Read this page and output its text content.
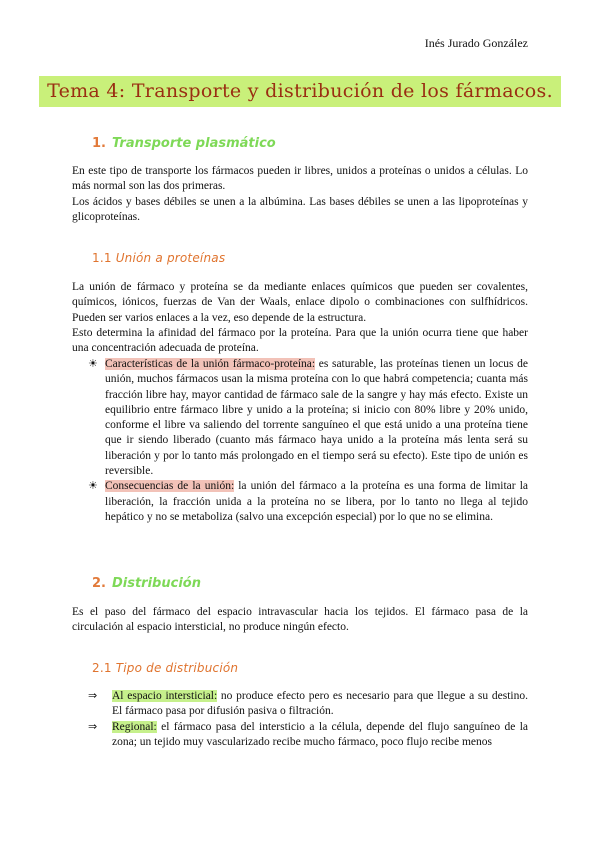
Inés Jurado González
Tema 4: Transporte y distribución de los fármacos.
1. Transporte plasmático

En este tipo de transporte los fármacos pueden ir libres, unidos a proteínas o unidos a células. Lo más normal son las dos primeras.

Los ácidos y bases débiles se unen a la albúmina. Las bases débiles se unen a las lipoproteínas y glicoproteínas.

1.1 Unión a proteínas

La unión de fármaco y proteína se da mediante enlaces químicos que pueden ser covalentes, químicos, iónicos, fuerzas de Van der Waals, enlace dipolo o combinaciones con sulfhídricos. Pueden ser varios enlaces a la vez, eso depende de la estructura.

Esto determina la afinidad del fármaco por la proteína. Para que la unión ocurra tiene que haber una concentración adecuada de proteína.

☀ Características de la unión fármaco-proteína: es saturable, las proteínas tienen un locus de unión, muchos fármacos usan la misma proteína con lo que habrá competencia; cuanta más fracción libre hay, mayor cantidad de fármaco sale de la sangre y hay más efecto. Existe un equilibrio entre fármaco libre y unido a la proteína; si inicio con 80% libre y 20% unido, conforme el libre va saliendo del torrente sanguíneo el que está unido a una proteína tiene que ir siendo liberado (cuanto más fármaco haya unido a la proteína más lenta será su liberación y por lo tanto más prolongado en el tiempo será su efecto). Este tipo de unión es reversible.

☀ Consecuencias de la unión: la unión del fármaco a la proteína es una forma de limitar la liberación, la fracción unida a la proteína no se libera, por lo tanto no llega al tejido hepático y no se metaboliza (salvo una excepción especial) por lo que no se elimina.

2. Distribución

Es el paso del fármaco del espacio intravascular hacia los tejidos. El fármaco pasa de la circulación al espacio intersticial, no produce ningún efecto.

2.1 Tipo de distribución

⇒ Al espacio intersticial: no produce efecto pero es necesario para que llegue a su destino. El fármaco pasa por difusión pasiva o filtración.

⇒ Regional: el fármaco pasa del intersticio a la célula, depende del flujo sanguíneo de la zona; un tejido muy vascularizado recibe mucho fármaco, poco flujo recibe menos
